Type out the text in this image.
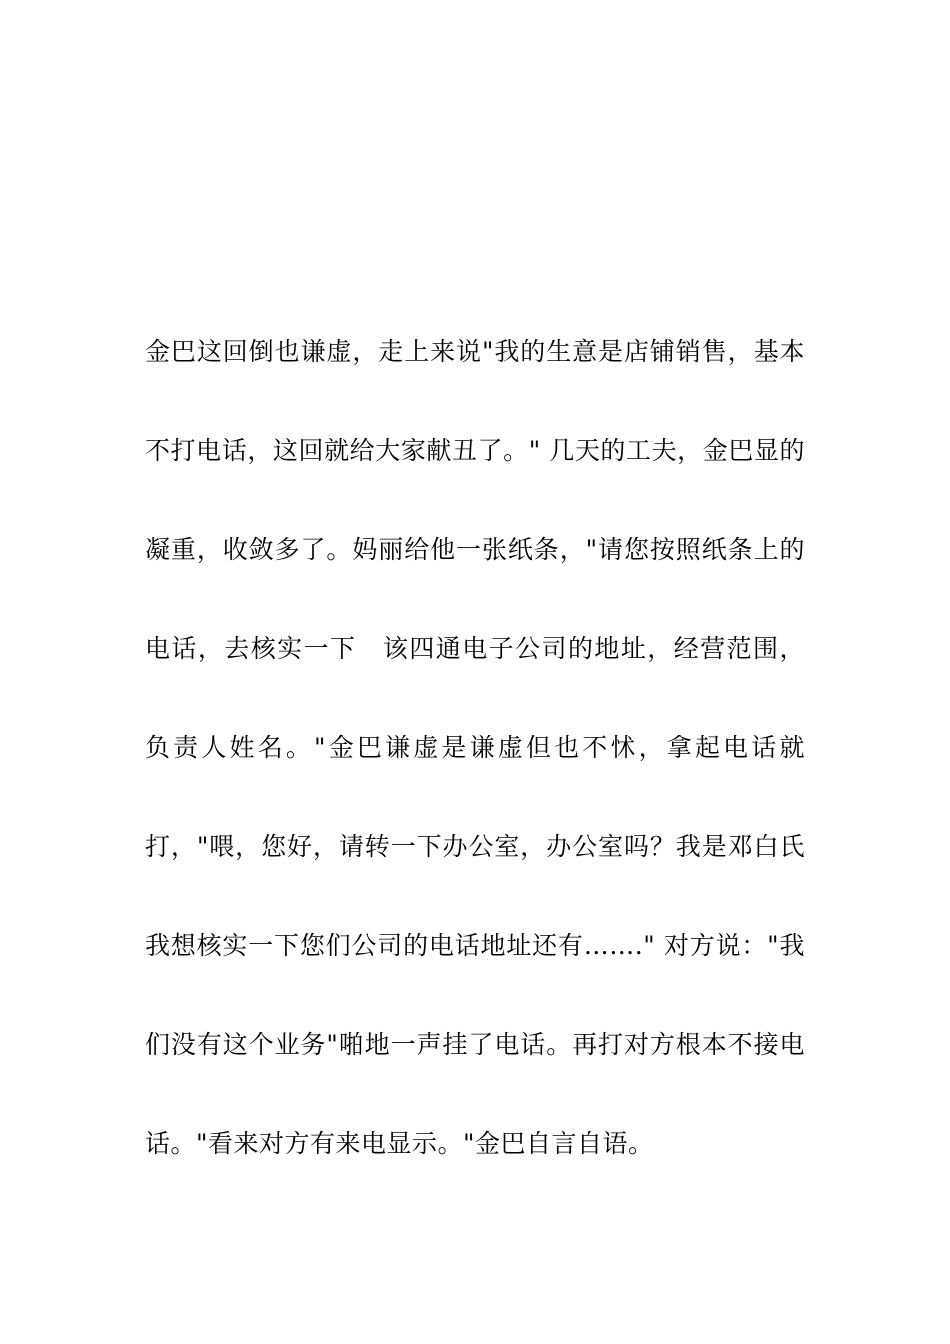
金巴这回倒也谦虚，走上来说"我的生意是店铺销售，基本
不打电话，这回就给大家献丑了。" 几天的工夫，金巴显的
凝重，收敛多了。妈丽给他一张纸条，"请您按照纸条上的
电话，去核实一下　该四通电子公司的地址，经营范围，
负责人姓名。"金巴谦虚是谦虚但也不怵，拿起电话就
打，"喂，您好，请转一下办公室，办公室吗？我是邓白氏
我想核实一下您们公司的电话地址还有……." 对方说："我
们没有这个业务"啪地一声挂了电话。再打对方根本不接电
话。"看来对方有来电显示。"金巴自言自语。
